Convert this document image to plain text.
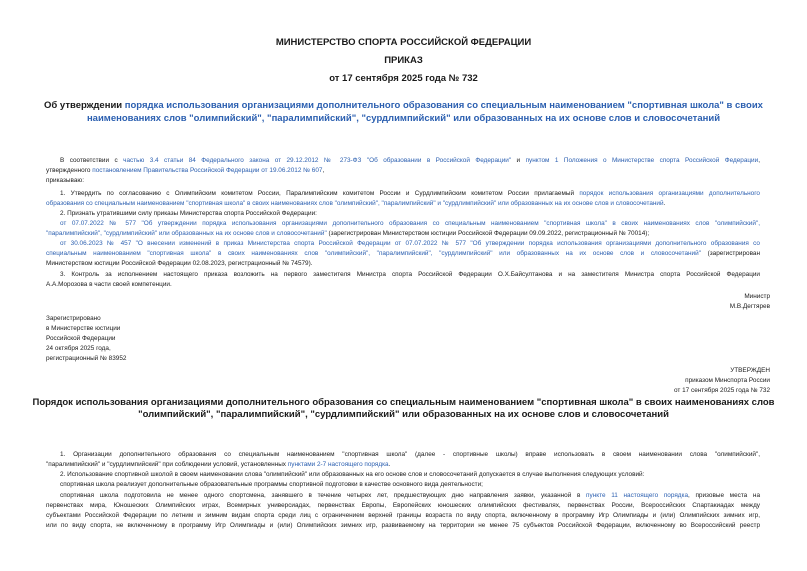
МИНИСТЕРСТВО СПОРТА РОССИЙСКОЙ ФЕДЕРАЦИИ
ПРИКАЗ
от 17 сентября 2025 года № 732
Об утверждении порядка использования организациями дополнительного образования со специальным наименованием "спортивная школа" в своих
наименованиях слов "олимпийский", "паралимпийский", "сурдлимпийский" или образованных на их основе слов и словосочетаний
В соответствии с частью 3.4 статьи 84 Федерального закона от 29.12.2012 № 273-ФЗ "Об образовании в Российской Федерации" и пунктом 1 Положения о Министерстве спорта Российской Федерации,
утвержденного постановлением Правительства Российской Федерации от 19.06.2012 № 607,
приказываю:
1. Утвердить по согласованию с Олимпийским комитетом России, Паралимпийским комитетом России и Сурдлимпийским комитетом России прилагаемый порядок использования организациями дополнительного
образования со специальным наименованием "спортивная школа" в своих наименованиях слов "олимпийский", "паралимпийский" и "сурдлимпийский" или образованных на их основе слов и словосочетаний.
2. Признать утратившими силу приказы Министерства спорта Российской Федерации:
от 07.07.2022 № 577 "Об утверждении порядка использования организациями дополнительного образования со специальным наименованием "спортивная школа" в своих наименованиях слов "олимпийский",
"паралимпийский", "сурдлимпийский" или образованных на их основе слов и словосочетаний" (зарегистрирован Министерством юстиции Российской Федерации 09.09.2022, регистрационный № 70014);
от 30.06.2023 № 457 "О внесении изменений в приказ Министерства спорта Российской Федерации от 07.07.2022 № 577 "Об утверждении порядка использования организациями дополнительного образования со
специальным наименованием "спортивная школа" в своих наименованиях слов "олимпийский", "паралимпийский", "сурдлимпийский" или образованных на их основе слов и словосочетаний" (зарегистрирован
Министерством юстиции Российской Федерации 02.08.2023, регистрационный № 74579).
3. Контроль за исполнением настоящего приказа возложить на первого заместителя Министра спорта Российской Федерации О.Х.Байсултанова и на заместителя Министра спорта Российской Федерации
А.А.Морозова в части своей компетенции.
Министр
М.В.Дегтярев
Зарегистрировано
в Министерстве юстиции
Российской Федерации
24 октября 2025 года,
регистрационный № 83952
УТВЕРЖДЕН
приказом Минспорта России
от 17 сентября 2025 года № 732
Порядок использования организациями дополнительного образования со специальным наименованием "спортивная школа" в своих наименованиях слов
"олимпийский", "паралимпийский", "сурдлимпийский" или образованных на их основе слов и словосочетаний
1. Организации дополнительного образования со специальным наименованием "спортивная школа" (далее - спортивные школы) вправе использовать в своем наименовании слова "олимпийский",
"паралимпийский" и "сурдлимпийский" при соблюдении условий, установленных пунктами 2-7 настоящего порядка.
2. Использование спортивной школой в своем наименовании слова "олимпийский" или образованных на его основе слов и словосочетаний допускается в случае выполнения следующих условий:
спортивная школа реализует дополнительные образовательные программы спортивной подготовки в качестве основного вида деятельности;
спортивная школа подготовила не менее одного спортсмена, занявшего в течение четырех лет, предшествующих дню направления заявки, указанной в пункте 11 настоящего порядка, призовые места на
первенствах мира, Юношеских Олимпийских играх, Всемирных универсиадах, первенствах Европы, Европейских юношеских олимпийских фестивалях, первенствах России, Всероссийских Спартакиадах между
субъектами Российской Федерации по летним и зимним видам спорта среди лиц с ограничением верхней границы возраста по виду спорта, включенному в программу Игр Олимпиады и (или) Олимпийских зимних игр,
или по виду спорта, не включенному в программу Игр Олимпиады и (или) Олимпийских зимних игр, развиваемому на территории не менее 75 субъектов Российской Федерации, включенному во Всероссийский реестр
